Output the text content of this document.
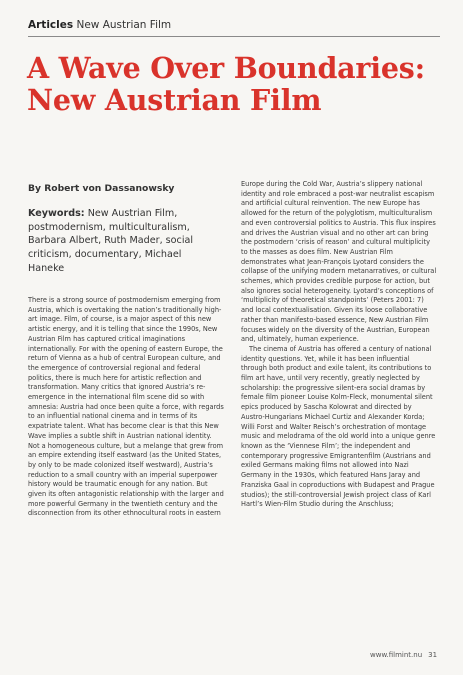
Articles New Austrian Film
A Wave Over Boundaries: New Austrian Film
By Robert von Dassanowsky
Keywords: New Austrian Film, postmodernism, multiculturalism, Barbara Albert, Ruth Mader, social criticism, documentary, Michael Haneke

There is a strong source of postmodernism emerging from Austria, which is overtaking the nation’s traditionally high-art image. Film, of course, is a major aspect of this new artistic energy, and it is telling that since the 1990s, New Austrian Film has captured critical imaginations internationally. For with the opening of eastern Europe, the return of Vienna as a hub of central European culture, and the emergence of controversial regional and federal politics, there is much here for artistic reflection and transformation. Many critics that ignored Austria’s re-emergence in the international film scene did so with amnesia: Austria had once been quite a force, with regards to an influential national cinema and in terms of its expatriate talent. What has become clear is that this New Wave implies a subtle shift in Austrian national identity. Not a homogeneous culture, but a melange that grew from an empire extending itself eastward (as the United States, by only to be made colonized itself westward), Austria’s reduction to a small country with an imperial superpower history would be traumatic enough for any nation. But given its often antagonistic relationship with the larger and more powerful Germany in the twentieth century and the disconnection from its other ethnocultural roots in eastern

Europe during the Cold War, Austria’s slippery national identity and role embraced a post-war neutralist escapism and artificial cultural reinvention. The new Europe has allowed for the return of the polyglotism, multiculturalism and even controversial politics to Austria. This flux inspires and drives the Austrian visual and no other art can bring the postmodern ‘crisis of reason’ and cultural multiplicity to the masses as does film. New Austrian Film demonstrates what Jean-François Lyotard considers the collapse of the unifying modern metanarratives, or cultural schemes, which provides credible purpose for action, but also ignores social heterogeneity. Lyotard’s conceptions of ‘multiplicity of theoretical standpoints’ (Peters 2001: 7) and local contextualisation. Given its loose collaborative rather than manifesto-based essence, New Austrian Film focuses widely on the diversity of the Austrian, European and, ultimately, human experience.

The cinema of Austria has offered a century of national identity questions. Yet, while it has been influential through both product and exile talent, its contributions to film art have, until very recently, greatly neglected by scholarship: the progressive silent-era social dramas by female film pioneer Louise Kolm-Fleck, monumental silent epics produced by Sascha Kolowrat and directed by Austro-Hungarians Michael Curtiz and Alexander Korda; Willi Forst and Walter Reisch’s orchestration of montage music and melodrama of the old world into a unique genre known as the ‘Viennese Film’; the independent and contemporary progressive Emigrantenfilm (Austrians and exiled Germans making films not allowed into Nazi Germany in the 1930s, which featured Hans Jaray and Franziska Gaal in coproductions with Budapest and Prague studios); the still-controversial Jewish project class of Karl Hartl’s Wien-Film Studio during the Anschluss;

www.filmint.nu 31
